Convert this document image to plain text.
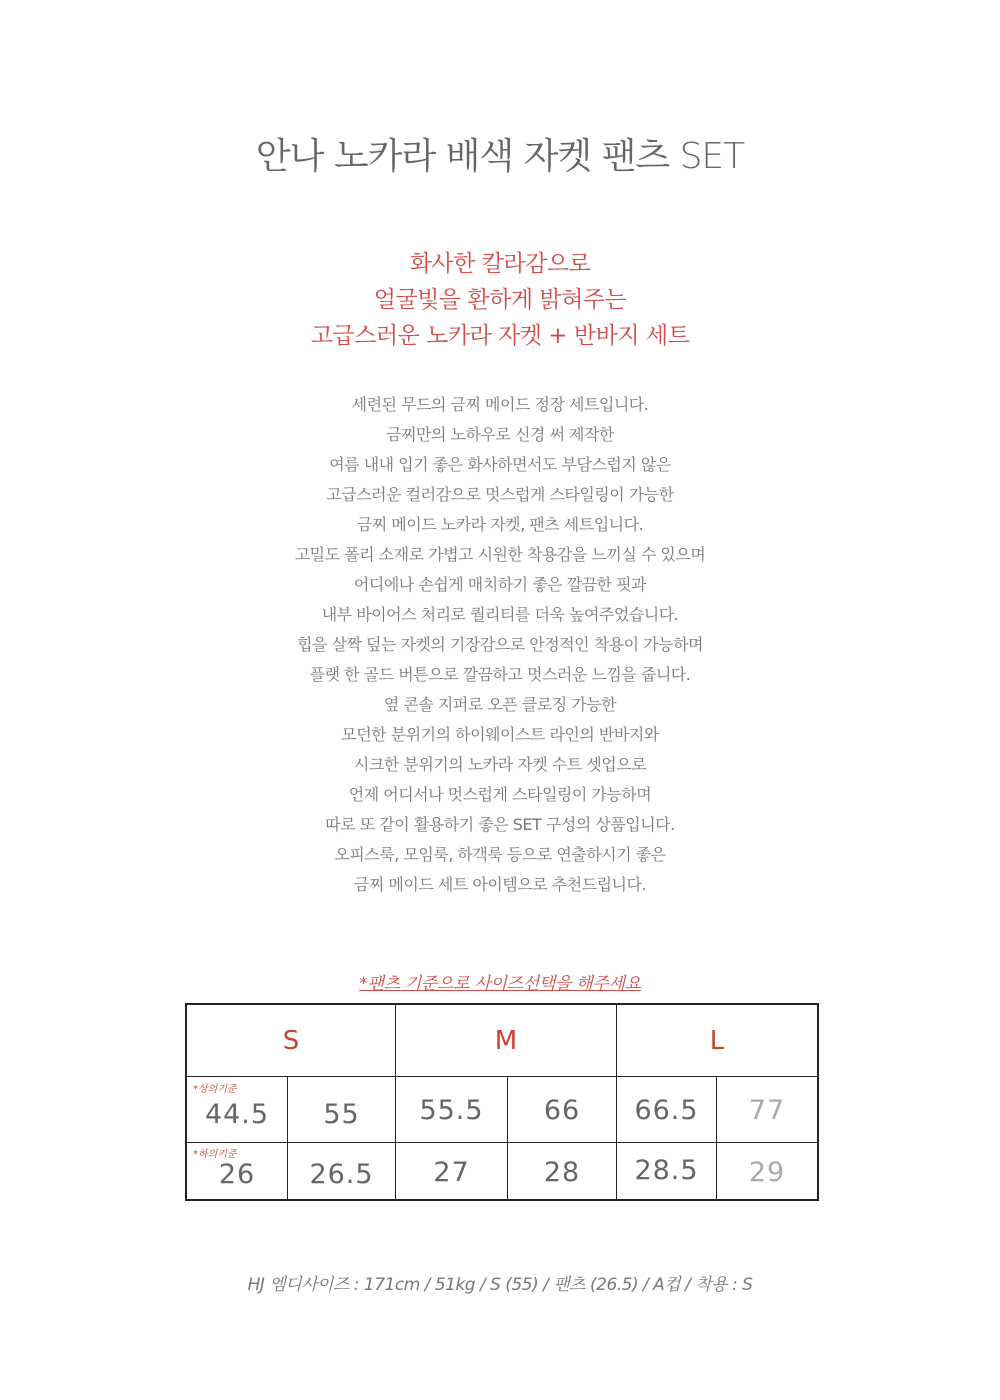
안나 노카라 배색 자켓 팬츠 SET
화사한 칼라감으로
얼굴빛을 환하게 밝혀주는
고급스러운 노카라 자켓 + 반바지 세트
세련된 무드의 금찌 메이드 정장 세트입니다.
금찌만의 노하우로 신경 써 제작한
여름 내내 입기 좋은 화사하면서도 부담스럽지 않은
고급스러운 컬러감으로 멋스럽게 스타일링이 가능한
금찌 메이드 노카라 자켓, 팬츠 세트입니다.
고밀도 폴리 소재로 가볍고 시원한 착용감을 느끼실 수 있으며
어디에나 손쉽게 매치하기 좋은 깔끔한 핏과
내부 바이어스 처리로 퀄리티를 더욱 높여주었습니다.
힙을 살짝 덮는 자켓의 기장감으로 안정적인 착용이 가능하며
플랫 한 골드 버튼으로 깔끔하고 멋스러운 느낌을 줍니다.
옆 콘솔 지퍼로 오픈 클로징 가능한
모던한 분위기의 하이웨이스트 라인의 반바지와
시크한 분위기의 노카라 자켓 수트 셋업으로
언제 어디서나 멋스럽게 스타일링이 가능하며
따로 또 같이 활용하기 좋은 SET 구성의 상품입니다.
오피스룩, 모임룩, 하객룩 등으로 연출하시기 좋은
금찌 메이드 세트 아이템으로 추천드립니다.
*팬츠 기준으로 사이즈선택을 해주세요
S	M	L
*상의기준
*하의기준
44.5	55	55.5	66	66.5	77
26	26.5	27	28	28.5	29
HJ 엠디사이즈 : 171cm / 51kg / S (55) / 팬츠 (26.5) / A컵 / 착용 : S
